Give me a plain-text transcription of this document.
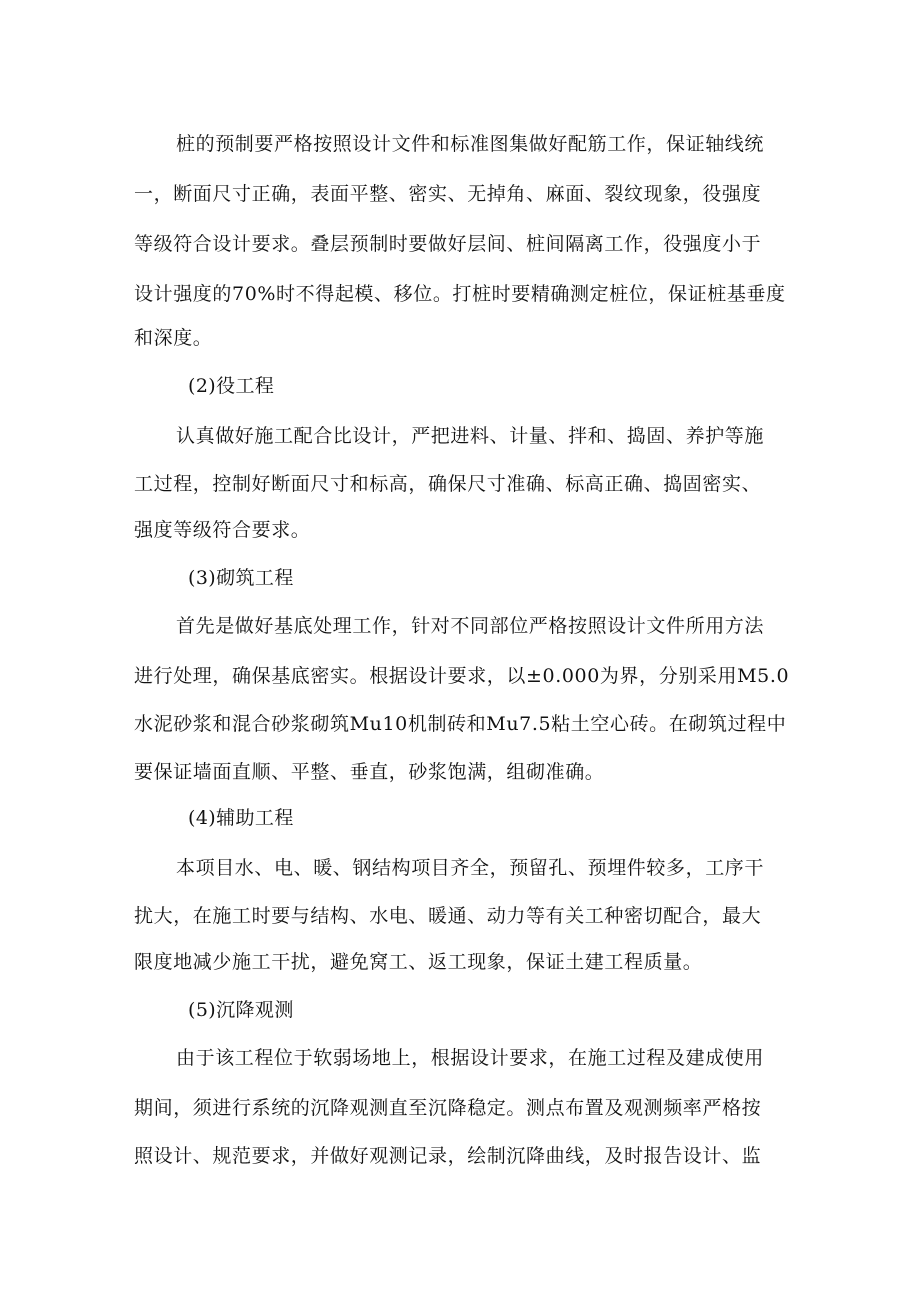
桩的预制要严格按照设计文件和标准图集做好配筋工作，保证轴线统
一，断面尺寸正确，表面平整、密实、无掉角、麻面、裂纹现象，役强度
等级符合设计要求。叠层预制时要做好层间、桩间隔离工作，役强度小于
设计强度的70%时不得起模、移位。打桩时要精确测定桩位，保证桩基垂度
和深度。
(2)役工程
认真做好施工配合比设计，严把进料、计量、拌和、捣固、养护等施
工过程，控制好断面尺寸和标高，确保尺寸准确、标高正确、捣固密实、
强度等级符合要求。
(3)砌筑工程
首先是做好基底处理工作，针对不同部位严格按照设计文件所用方法
进行处理，确保基底密实。根据设计要求，以±0.000为界，分别采用M5.0
水泥砂浆和混合砂浆砌筑Mu10机制砖和Mu7.5粘土空心砖。在砌筑过程中
要保证墙面直顺、平整、垂直，砂浆饱满，组砌准确。
(4)辅助工程
本项目水、电、暖、钢结构项目齐全，预留孔、预埋件较多，工序干
扰大，在施工时要与结构、水电、暖通、动力等有关工种密切配合，最大
限度地减少施工干扰，避免窝工、返工现象，保证土建工程质量。
(5)沉降观测
由于该工程位于软弱场地上，根据设计要求，在施工过程及建成使用
期间，须进行系统的沉降观测直至沉降稳定。测点布置及观测频率严格按
照设计、规范要求，并做好观测记录，绘制沉降曲线，及时报告设计、监
